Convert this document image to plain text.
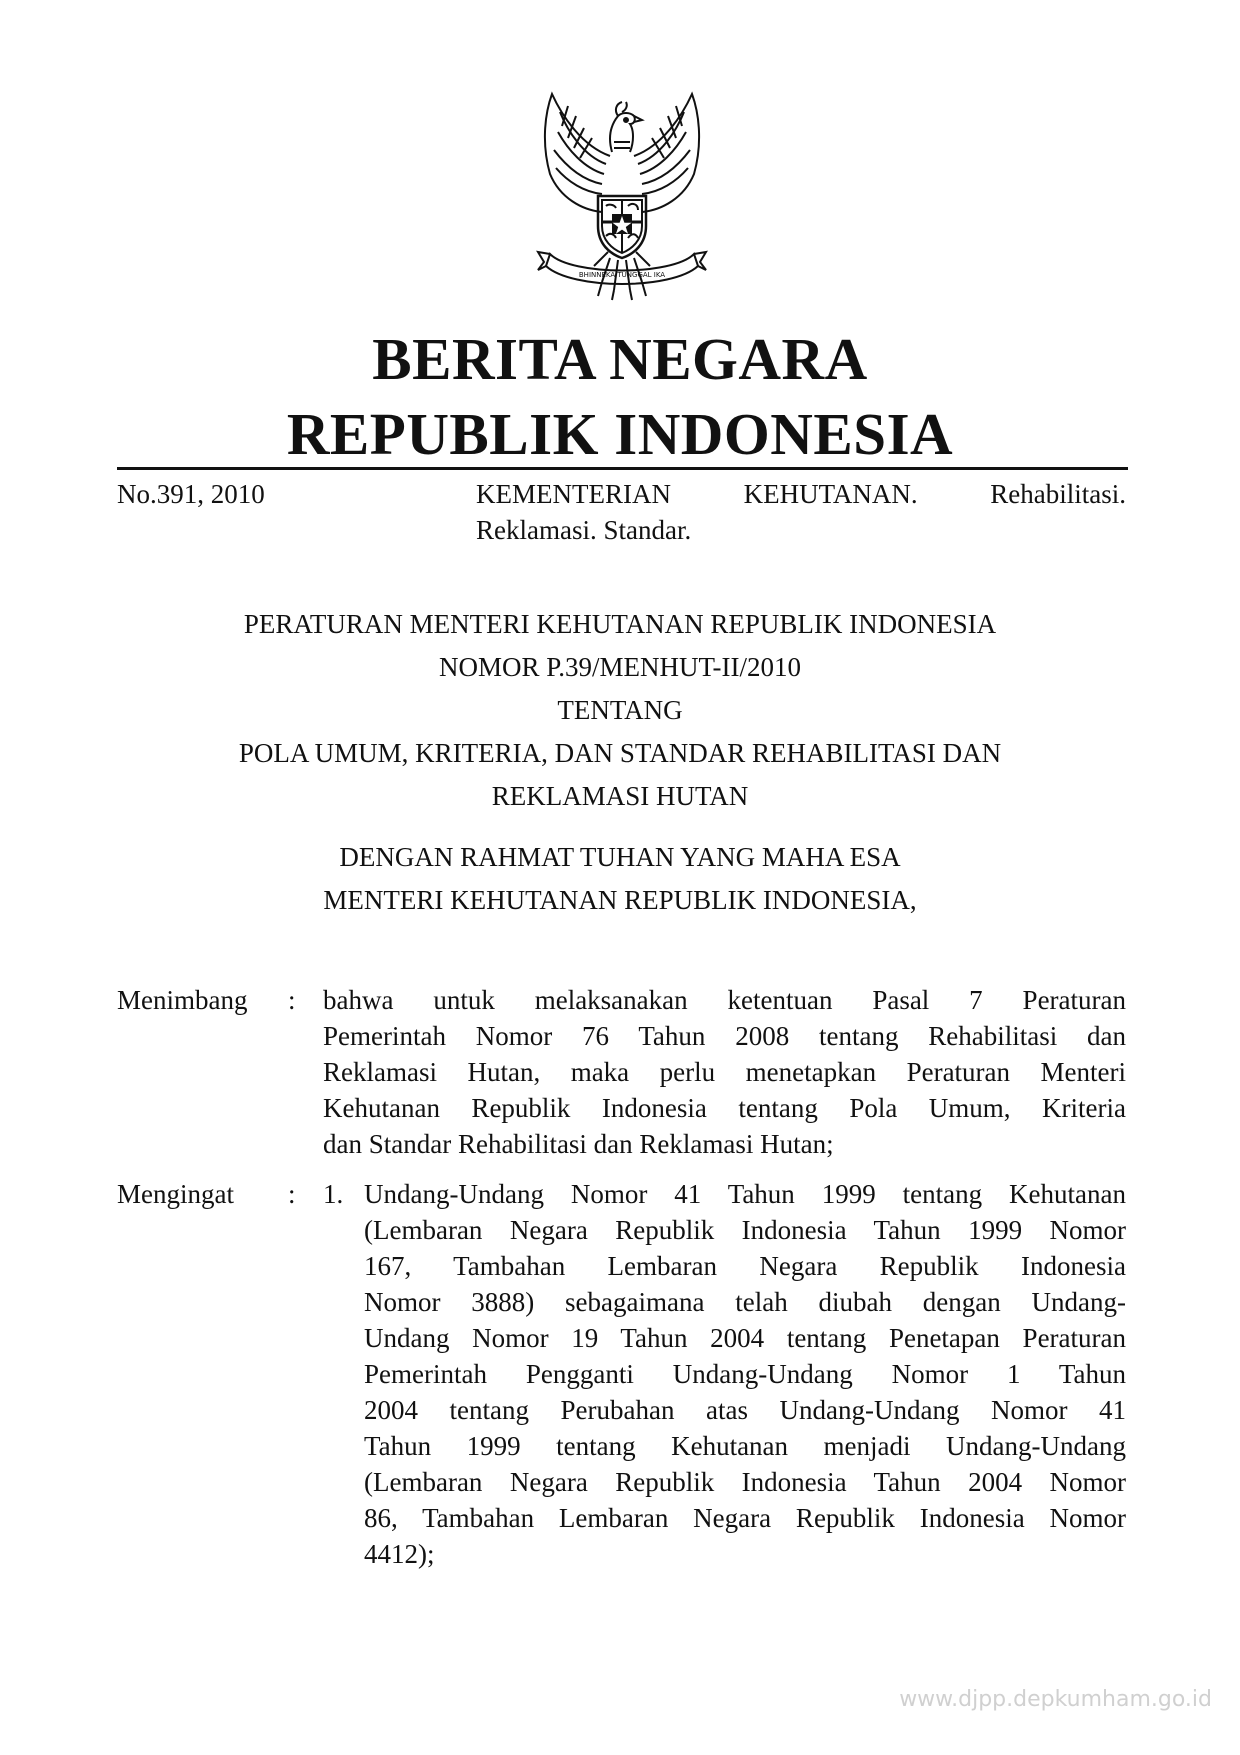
BHINNEKA TUNGGAL IKA
BERITA NEGARA
REPUBLIK INDONESIA
No.391, 2010	KEMENTERIAN KEHUTANAN. Rehabilitasi.
Reklamasi. Standar.
PERATURAN MENTERI KEHUTANAN REPUBLIK INDONESIA
NOMOR P.39/MENHUT-II/2010
TENTANG
POLA UMUM, KRITERIA, DAN STANDAR REHABILITASI DAN
REKLAMASI HUTAN
DENGAN RAHMAT TUHAN YANG MAHA ESA
MENTERI KEHUTANAN REPUBLIK INDONESIA,
Menimbang : bahwa untuk melaksanakan ketentuan Pasal 7 Peraturan
Pemerintah Nomor 76 Tahun 2008 tentang Rehabilitasi dan
Reklamasi Hutan, maka perlu menetapkan Peraturan Menteri
Kehutanan Republik Indonesia tentang Pola Umum, Kriteria
dan Standar Rehabilitasi dan Reklamasi Hutan;
Mengingat : 1. Undang-Undang Nomor 41 Tahun 1999 tentang Kehutanan
(Lembaran Negara Republik Indonesia Tahun 1999 Nomor
167, Tambahan Lembaran Negara Republik Indonesia
Nomor 3888) sebagaimana telah diubah dengan Undang-
Undang Nomor 19 Tahun 2004 tentang Penetapan Peraturan
Pemerintah Pengganti Undang-Undang Nomor 1 Tahun
2004 tentang Perubahan atas Undang-Undang Nomor 41
Tahun 1999 tentang Kehutanan menjadi Undang-Undang
(Lembaran Negara Republik Indonesia Tahun 2004 Nomor
86, Tambahan Lembaran Negara Republik Indonesia Nomor
4412);
www.djpp.depkumham.go.id
